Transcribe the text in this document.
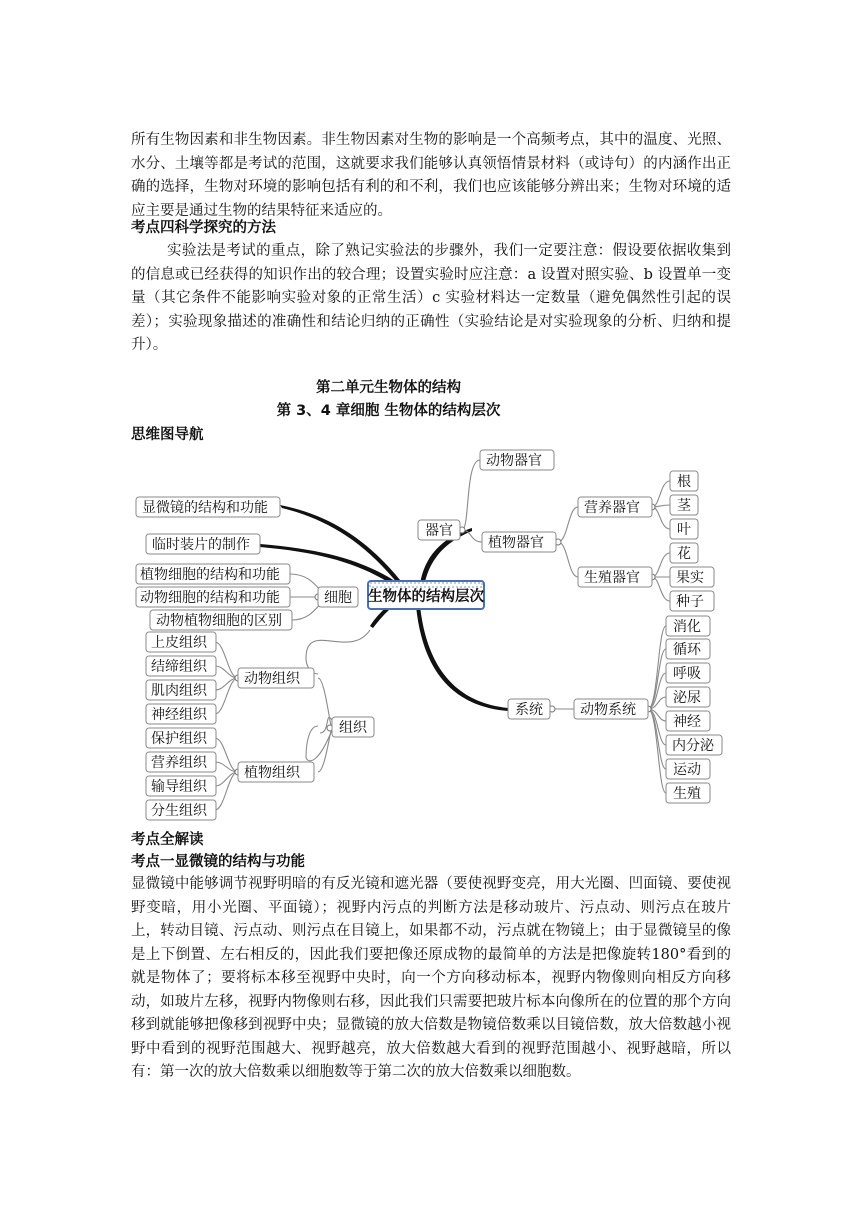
所有生物因素和非生物因素。非生物因素对生物的影响是一个高频考点，其中的温度、光照、水分、土壤等都是考试的范围，这就要求我们能够认真领悟情景材料（或诗句）的内涵作出正确的选择，生物对环境的影响包括有利的和不利，我们也应该能够分辨出来；生物对环境的适应主要是通过生物的结果特征来适应的。

考点四科学探究的方法

实验法是考试的重点，除了熟记实验法的步骤外，我们一定要注意：假设要依据收集到的信息或已经获得的知识作出的较合理；设置实验时应注意：a 设置对照实验、b 设置单一变量（其它条件不能影响实验对象的正常生活）c 实验材料达一定数量（避免偶然性引起的误差）；实验现象描述的准确性和结论归纳的正确性（实验结论是对实验现象的分析、归纳和提升）。

第二单元生物体的结构

第 3、4 章细胞 生物体的结构层次

思维图导航

生物体的结构层次
显微镜的结构和功能
临时装片的制作
细胞
植物细胞的结构和功能
动物细胞的结构和功能
动物植物细胞的区别
组织
动物组织
植物组织
上皮组织
结缔组织
肌肉组织
神经组织
保护组织
营养组织
输导组织
分生组织
器官
动物器官
植物器官
营养器官
生殖器官
根
茎
叶
花
果实
种子
系统	动物系统
消化
循环
呼吸
泌尿
神经
内分泌
运动
生殖

考点全解读

考点一显微镜的结构与功能

显微镜中能够调节视野明暗的有反光镜和遮光器（要使视野变亮，用大光圈、凹面镜、要使视野变暗，用小光圈、平面镜）；视野内污点的判断方法是移动玻片、污点动、则污点在玻片上，转动目镜、污点动、则污点在目镜上，如果都不动，污点就在物镜上；由于显微镜呈的像是上下倒置、左右相反的，因此我们要把像还原成物的最简单的方法是把像旋转180°看到的就是物体了；要将标本移至视野中央时，向一个方向移动标本，视野内物像则向相反方向移动，如玻片左移，视野内物像则右移，因此我们只需要把玻片标本向像所在的位置的那个方向移到就能够把像移到视野中央；显微镜的放大倍数是物镜倍数乘以目镜倍数，放大倍数越小视野中看到的视野范围越大、视野越亮，放大倍数越大看到的视野范围越小、视野越暗，所以有：第一次的放大倍数乘以细胞数等于第二次的放大倍数乘以细胞数。
